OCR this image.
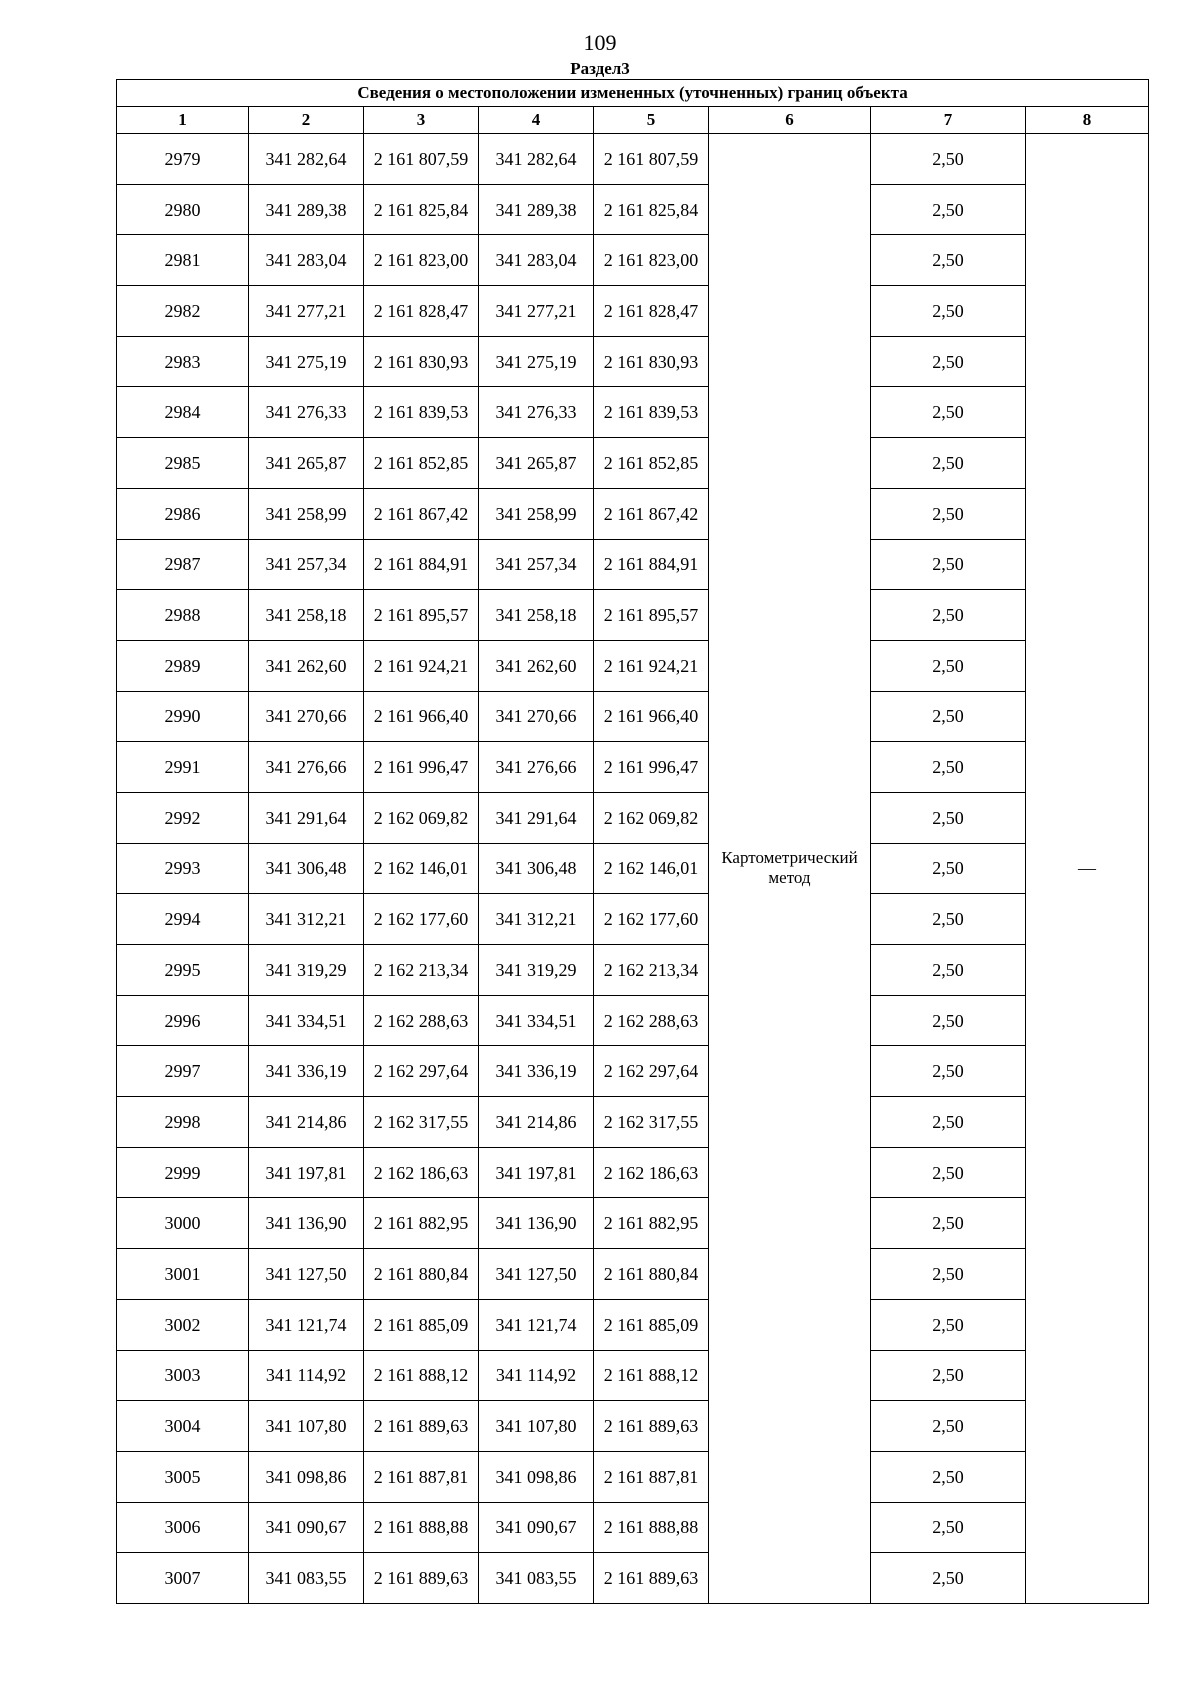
109
Раздел3
Сведения о местоположении измененных (уточненных) границ объекта							
1	2	3	4	5	6	7	8
2979	341 282,64	2 161 807,59	341 282,64	2 161 807,59	Картометрический метод	2,50	—
2980	341 289,38	2 161 825,84	341 289,38	2 161 825,84		2,50	
2981	341 283,04	2 161 823,00	341 283,04	2 161 823,00		2,50	
2982	341 277,21	2 161 828,47	341 277,21	2 161 828,47		2,50	
2983	341 275,19	2 161 830,93	341 275,19	2 161 830,93		2,50	
2984	341 276,33	2 161 839,53	341 276,33	2 161 839,53		2,50	
2985	341 265,87	2 161 852,85	341 265,87	2 161 852,85		2,50	
2986	341 258,99	2 161 867,42	341 258,99	2 161 867,42		2,50	
2987	341 257,34	2 161 884,91	341 257,34	2 161 884,91		2,50	
2988	341 258,18	2 161 895,57	341 258,18	2 161 895,57		2,50	
2989	341 262,60	2 161 924,21	341 262,60	2 161 924,21		2,50	
2990	341 270,66	2 161 966,40	341 270,66	2 161 966,40		2,50	
2991	341 276,66	2 161 996,47	341 276,66	2 161 996,47		2,50	
2992	341 291,64	2 162 069,82	341 291,64	2 162 069,82		2,50	
2993	341 306,48	2 162 146,01	341 306,48	2 162 146,01		2,50	
2994	341 312,21	2 162 177,60	341 312,21	2 162 177,60		2,50	
2995	341 319,29	2 162 213,34	341 319,29	2 162 213,34		2,50	
2996	341 334,51	2 162 288,63	341 334,51	2 162 288,63		2,50	
2997	341 336,19	2 162 297,64	341 336,19	2 162 297,64		2,50	
2998	341 214,86	2 162 317,55	341 214,86	2 162 317,55		2,50	
2999	341 197,81	2 162 186,63	341 197,81	2 162 186,63		2,50	
3000	341 136,90	2 161 882,95	341 136,90	2 161 882,95		2,50	
3001	341 127,50	2 161 880,84	341 127,50	2 161 880,84		2,50	
3002	341 121,74	2 161 885,09	341 121,74	2 161 885,09		2,50	
3003	341 114,92	2 161 888,12	341 114,92	2 161 888,12		2,50	
3004	341 107,80	2 161 889,63	341 107,80	2 161 889,63		2,50	
3005	341 098,86	2 161 887,81	341 098,86	2 161 887,81		2,50	
3006	341 090,67	2 161 888,88	341 090,67	2 161 888,88		2,50	
3007	341 083,55	2 161 889,63	341 083,55	2 161 889,63		2,50	
